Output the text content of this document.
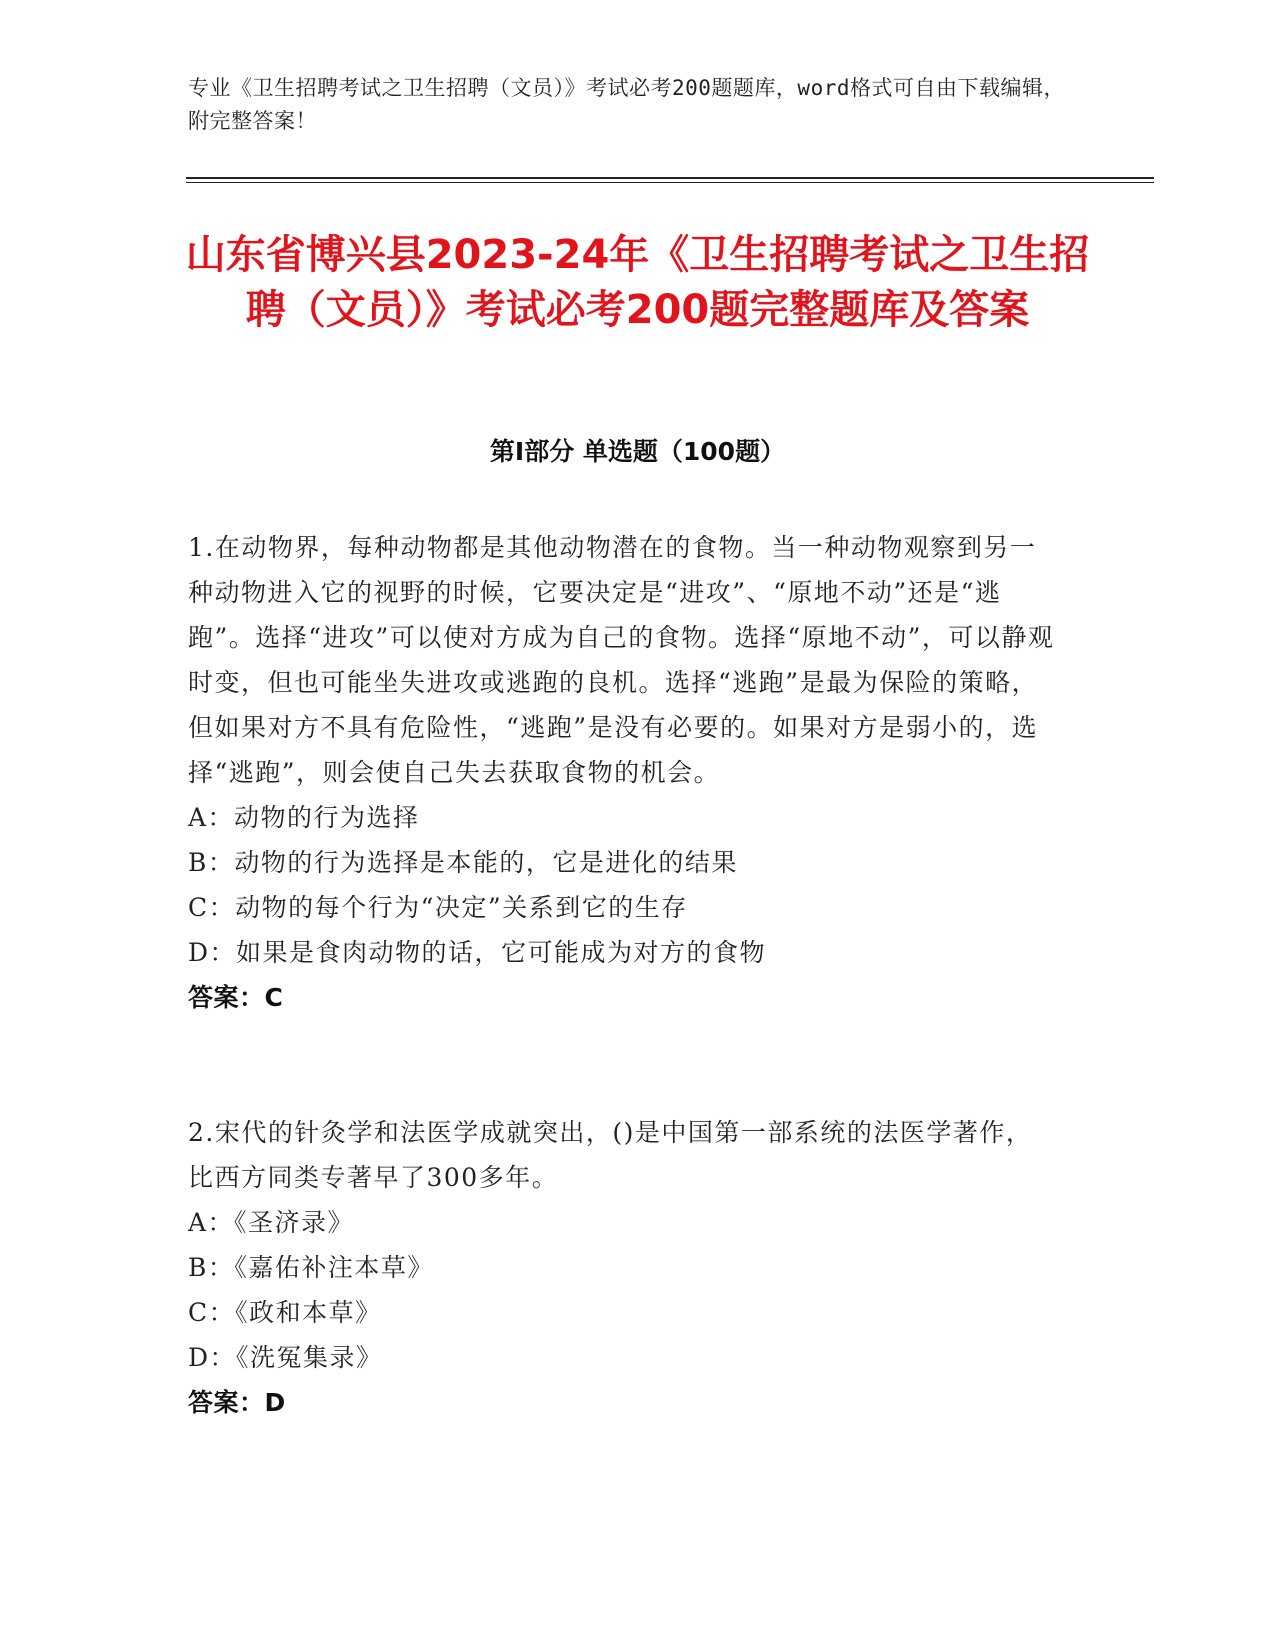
专业《卫生招聘考试之卫生招聘（文员）》考试必考200题题库，word格式可自由下载编辑，附完整答案！
山东省博兴县2023-24年《卫生招聘考试之卫生招聘（文员）》考试必考200题完整题库及答案
第I部分 单选题（100题）

1.在动物界，每种动物都是其他动物潜在的食物。当一种动物观察到另一种动物进入它的视野的时候，它要决定是“进攻”、“原地不动”还是“逃跑”。选择“进攻”可以使对方成为自己的食物。选择“原地不动”，可以静观时变，但也可能坐失进攻或逃跑的良机。选择“逃跑”是最为保险的策略，但如果对方不具有危险性，“逃跑”是没有必要的。如果对方是弱小的，选择“逃跑”，则会使自己失去获取食物的机会。

A：动物的行为选择

B：动物的行为选择是本能的，它是进化的结果

C：动物的每个行为“决定”关系到它的生存

D：如果是食肉动物的话，它可能成为对方的食物

答案：C

2.宋代的针灸学和法医学成就突出，()是中国第一部系统的法医学著作，比西方同类专著早了300多年。

A：《圣济录》

B：《嘉佑补注本草》

C：《政和本草》

D：《洗冤集录》

答案：D
